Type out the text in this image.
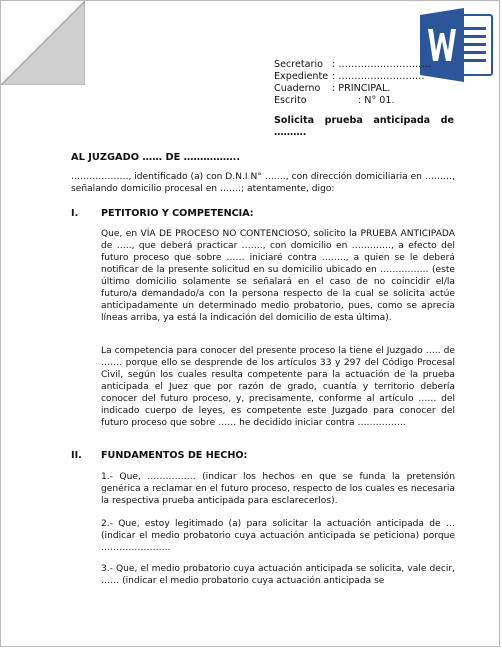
Secretario : ………………………..
Expediente : ………………………
Cuaderno : PRINCIPAL.
Escrito	: N° 01.
Solicita prueba anticipada de ……….
AL JUZGADO …… DE ……………..

………………., identificado (a) con D.N.I N° ……., con dirección domiciliaria en ………, señalando domicilio procesal en …….; atentamente, digo:

I. PETITORIO Y COMPETENCIA:

Que, en VÍA DE PROCESO NO CONTENCIOSO, solicito la PRUEBA ANTICIPADA de ….., que deberá practicar ……., con domicilio en …………., a efecto del futuro proceso que sobre …… iniciaré contra …….., a quien se le deberá notificar de la presente solicitud en su domicilio ubicado en ……………. (este último domicilio solamente se señalará en el caso de no coincidir el/la futuro/a demandado/a con la persona respecto de la cual se solicita actúe anticipadamente un determinado medio probatorio, pues, como se aprecia líneas arriba, ya está la indicación del domicilio de esta última).

La competencia para conocer del presente proceso la tiene el Juzgado ….. de ……. porque ello se desprende de los artículos 33 y 297 del Código Procesal Civil, según los cuales resulta competente para la actuación de la prueba anticipada el Juez que por razón de grado, cuantía y territorio debería conocer del futuro proceso, y, precisamente, conforme al artículo …… del indicado cuerpo de leyes, es competente este Juzgado para conocer del futuro proceso que sobre …… he decidido iniciar contra …………….

II. FUNDAMENTOS DE HECHO:

1.- Que, ……………. (indicar los hechos en que se funda la pretensión genérica a reclamar en el futuro proceso, respecto de los cuales es necesaria la respectiva prueba anticipada para esclarecerlos).

2.- Que, estoy legitimado (a) para solicitar la actuación anticipada de … (indicar el medio probatorio cuya actuación anticipada se peticiona) porque …………………..

3.- Que, el medio probatorio cuya actuación anticipada se solicita, vale decir, …… (indicar el medio probatorio cuya actuación anticipada se
